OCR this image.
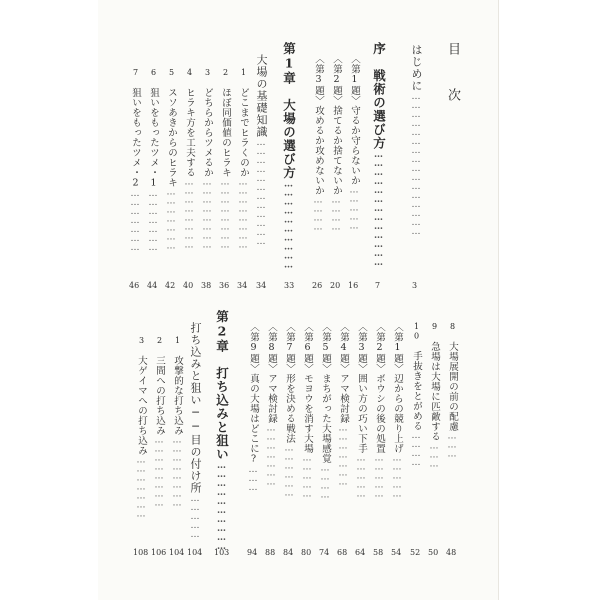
目　次
はじめに…………………………………………
3
序　戦術の選び方…………………………………
7
〈第1題〉守るか守らないか……………
16
〈第2題〉捨てるか捨てないか…………
20
〈第3題〉攻めるか攻めないか…………
26
第1章　大場の選び方…………………………
33
大場の基礎知識………………………………
34
1　どこまでヒラくのか……………………
34
2　ほぼ同価値のヒラキ……………………
36
3　どちらからツメるか……………………
38
4　ヒラキ方を工夫する……………………
40
5　スソあきからのヒラキ…………………
42
6　狙いをもったツメ・1…………………
44
7　狙いをもったツメ・2…………………
46
8　大場展開の前の配慮………
48
9　急場は大場に匹敵する………
50
10　手抜きをとがめる…………
52
〈第1題〉辺からの競り上げ……………
54
〈第2題〉ボウシの後の処置……………
58
〈第3題〉囲い方の巧い下手……………
64
〈第4題〉アマ検討録…………………
68
〈第5題〉まちがった大場感覚…………
74
〈第6題〉モヨウを消す大場……………
80
〈第7題〉形を決める戦法………………
84
〈第8題〉アマ検討録…………………
88
〈第9題〉真の大場はどこに?………
94
第2章　打ち込みと狙い…………………………
103
打ち込みと狙い──目の付け所……………
104
1　攻撃的な打ち込み……………………
104
2　三間への打ち込み……………………
106
3　大ゲイマへの打ち込み…………………
108
